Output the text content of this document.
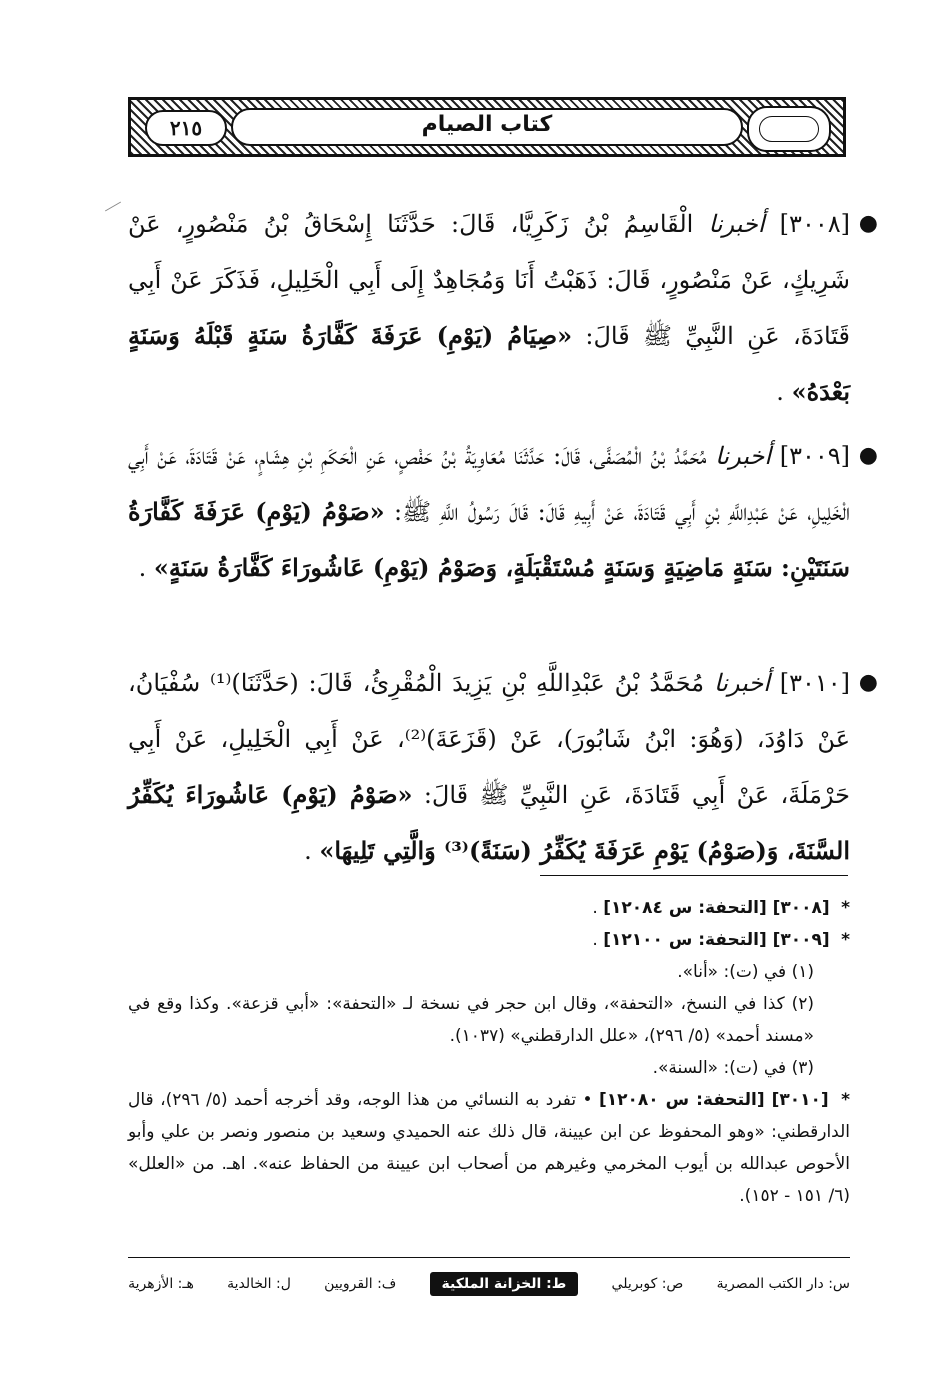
كتاب الصيام
٢١٥
●
[٣٠٠٨] أخبرنا الْقَاسِمُ بْنُ زَكَرِيَّا، قَالَ: حَدَّثَنَا إِسْحَاقُ بْنُ مَنْصُورٍ، عَنْ شَرِيكٍ، عَنْ مَنْصُورٍ، قَالَ: ذَهَبْتُ أَنَا وَمُجَاهِدٌ إِلَى أَبِي الْخَلِيلِ، فَذَكَرَ عَنْ أَبِي قَتَادَةَ، عَنِ النَّبِيِّ ﷺ قَالَ: «صِيَامُ (يَوْمِ) عَرَفَةَ كَفَّارَةُ سَنَةٍ قَبْلَهُ وَسَنَةٍ بَعْدَهُ» .
●
[٣٠٠٩] أخبرنا مُحَمَّدُ بْنُ الْمُصَفَّى، قَالَ: حَدَّثَنَا مُعَاوِيَةُ بْنُ حَفْصٍ، عَنِ الْحَكَمِ بْنِ هِشَامٍ، عَنْ قَتَادَةَ، عَنْ أَبِي الْخَلِيلِ، عَنْ عَبْدِاللَّهِ بْنِ أَبِي قَتَادَةَ، عَنْ أَبِيهِ قَالَ: قَالَ رَسُولُ اللَّهِ ﷺ: «صَوْمُ (يَوْمِ) عَرَفَةَ كَفَّارَةُ سَنَتَيْنِ: سَنَةٍ مَاضِيَةٍ وَسَنَةٍ مُسْتَقْبَلَةٍ، وَصَوْمُ (يَوْمِ) عَاشُورَاءَ كَفَّارَةُ سَنَةٍ» .
●
[٣٠١٠] أخبرنا مُحَمَّدُ بْنُ عَبْدِاللَّهِ بْنِ يَزِيدَ الْمُقْرِئُ، قَالَ: (حَدَّثَنَا)⁽¹⁾ سُفْيَانُ، عَنْ دَاوُدَ، (وَهُوَ: ابْنُ شَابُورَ)، عَنْ (قَزَعَةَ)⁽²⁾، عَنْ أَبِي الْخَلِيلِ، عَنْ أَبِي حَرْمَلَةَ، عَنْ أَبِي قَتَادَةَ، عَنِ النَّبِيِّ ﷺ قَالَ: «صَوْمُ (يَوْمِ) عَاشُورَاءَ يُكَفِّرُ السَّنَةَ، وَ(صَوْمُ) يَوْمِ عَرَفَةَ يُكَفِّرُ (سَنَةً)⁽³⁾ وَالَّتِي تَلِيهَا» .
* [٣٠٠٨] [التحفة: س ١٢٠٨٤] .
* [٣٠٠٩] [التحفة: س ١٢١٠٠] .
(١) في (ت): «أنا».
(٢) كذا في النسخ، «التحفة»، وقال ابن حجر في نسخة لـ «التحفة»: «أبي قزعة». وكذا وقع في «مسند أحمد» (٥/ ٢٩٦)، «علل الدارقطني» (١٠٣٧).
(٣) في (ت): «السنة».
* [٣٠١٠] [التحفة: س ١٢٠٨٠] • تفرد به النسائي من هذا الوجه، وقد أخرجه أحمد (٥/ ٢٩٦)، قال الدارقطني: «وهو المحفوظ عن ابن عيينة، قال ذلك عنه الحميدي وسعيد بن منصور ونصر بن علي وأبو الأحوص عبدالله بن أيوب المخرمي وغيرهم من أصحاب ابن عيينة من الحفاظ عنه». اهـ. من «العلل» (٦/ ١٥١ - ١٥٢).
س: دار الكتب المصرية
ص: كوبريلي
ط: الخزانة الملكية
ف: القرويين
ل: الخالدية
هـ: الأزهرية
